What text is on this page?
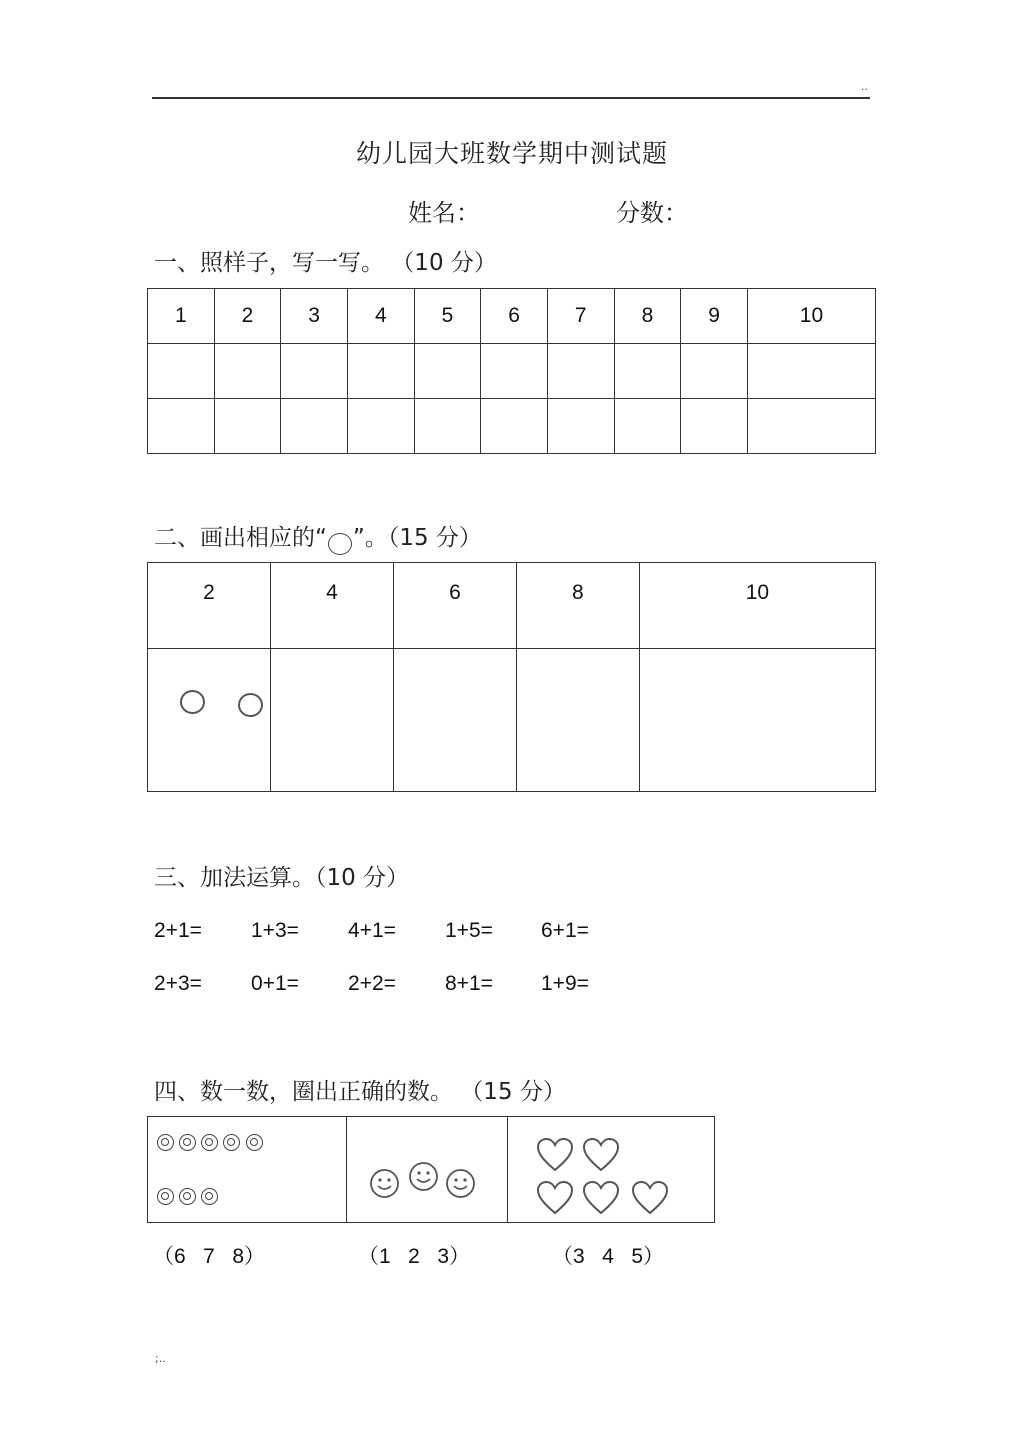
..
幼儿园大班数学期中测试题
姓名：	分数：
一、照样子，写一写。 （10 分）
1	2	3	4	5	6	7	8	9	10

二、画出相应的“ ”。（15 分）
2	4	6	8	10

三、加法运算。（10 分）
2+1= 1+3= 4+1= 1+5= 6+1=
2+3= 0+1= 2+2= 8+1= 1+9=
四、数一数，圈出正确的数。 （15 分）

（6   7   8）	（1   2   3）	（3   4   5）
;..
